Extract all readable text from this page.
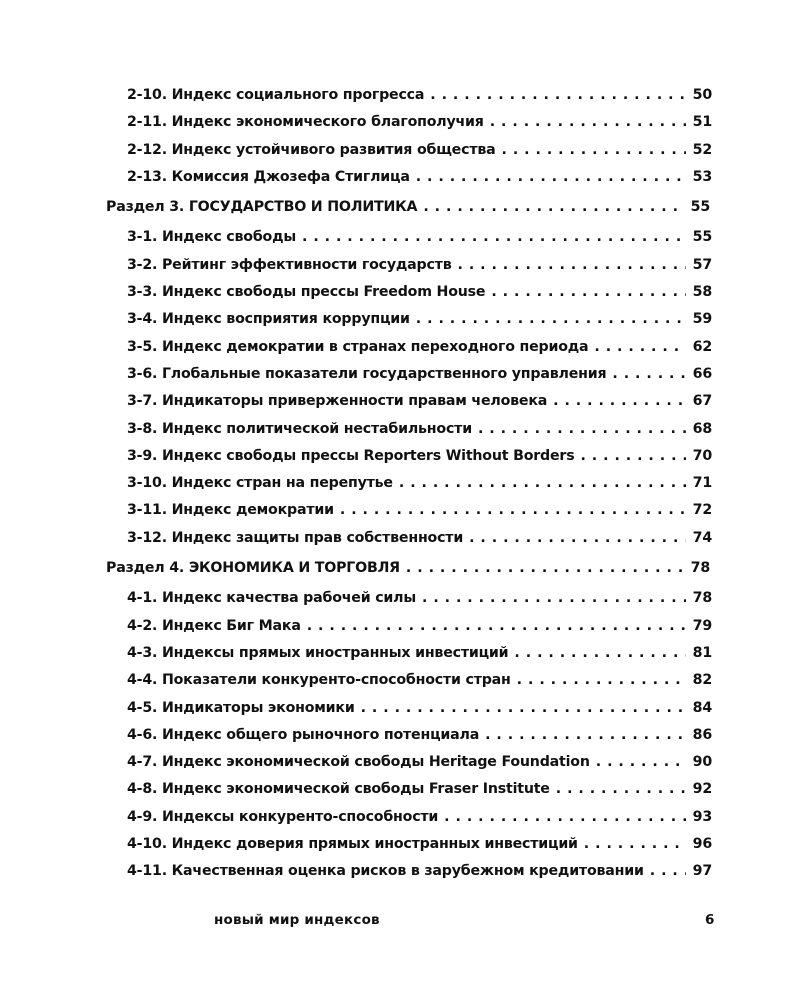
2-10. Индекс социального прогресса . . .	50
2-11. Индекс экономического благополучия . . .	51
2-12. Индекс устойчивого развития общества . . .	52
2-13. Комиссия Джозефа Стиглица . . .	53
Раздел 3. ГОСУДАРСТВО И ПОЛИТИКА . . .	55
3-1. Индекс свободы . . .	55
3-2. Рейтинг эффективности государств . . .	57
3-3. Индекс свободы прессы Freedom House . . .	58
3-4. Индекс восприятия коррупции . . .	59
3-5. Индекс демократии в странах переходного периода . . .	62
3-6. Глобальные показатели государственного управления . . .	66
3-7. Индикаторы приверженности правам человека . . .	67
3-8. Индекс политической нестабильности . . .	68
3-9. Индекс свободы прессы Reporters Without Borders . . .	70
3-10. Индекс стран на перепутье . . .	71
3-11. Индекс демократии . . .	72
3-12. Индекс защиты прав собственности . . .	74
Раздел 4. ЭКОНОМИКА И ТОРГОВЛЯ . . .	78
4-1. Индекс качества рабочей силы . . .	78
4-2. Индекс Биг Мака . . .	79
4-3. Индексы прямых иностранных инвестиций . . .	81
4-4. Показатели конкуренто-способности стран . . .	82
4-5. Индикаторы экономики . . .	84
4-6. Индекс общего рыночного потенциала . . .	86
4-7. Индекс экономической свободы Heritage Foundation . . .	90
4-8. Индекс экономической свободы Fraser Institute . . .	92
4-9. Индексы конкуренто-способности . . .	93
4-10. Индекс доверия прямых иностранных инвестиций . . .	96
4-11. Качественная оценка рисков в зарубежном кредитовании . . .	97
новый мир индексов	6
